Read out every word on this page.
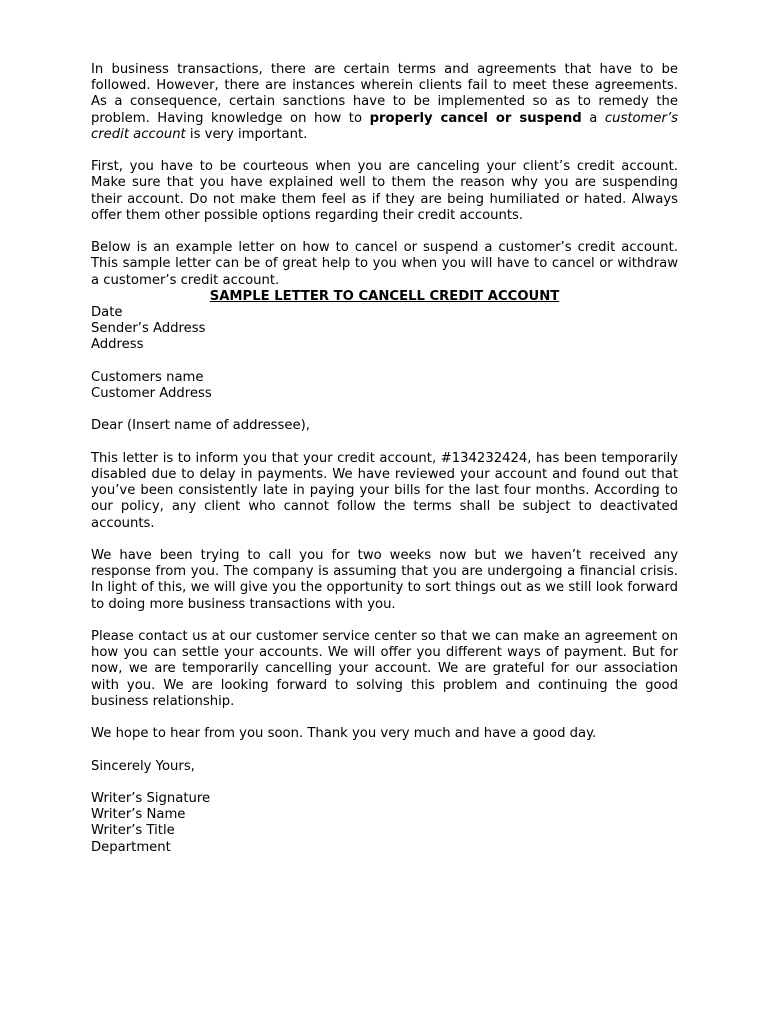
In business transactions, there are certain terms and agreements that have to be followed. However, there are instances wherein clients fail to meet these agreements. As a consequence, certain sanctions have to be implemented so as to remedy the problem. Having knowledge on how to properly cancel or suspend a customer’s credit account is very important.

First, you have to be courteous when you are canceling your client’s credit account. Make sure that you have explained well to them the reason why you are suspending their account. Do not make them feel as if they are being humiliated or hated. Always offer them other possible options regarding their credit accounts.

Below is an example letter on how to cancel or suspend a customer’s credit account. This sample letter can be of great help to you when you will have to cancel or withdraw a customer’s credit account.

SAMPLE LETTER TO CANCELL CREDIT ACCOUNT

Date

Sender’s Address

Address

Customers name

Customer Address

Dear (Insert name of addressee),

This letter is to inform you that your credit account, #134232424, has been temporarily disabled due to delay in payments. We have reviewed your account and found out that you’ve been consistently late in paying your bills for the last four months. According to our policy, any client who cannot follow the terms shall be subject to deactivated accounts.

We have been trying to call you for two weeks now but we haven’t received any response from you. The company is assuming that you are undergoing a financial crisis. In light of this, we will give you the opportunity to sort things out as we still look forward to doing more business transactions with you.

Please contact us at our customer service center so that we can make an agreement on how you can settle your accounts. We will offer you different ways of payment. But for now, we are temporarily cancelling your account. We are grateful for our association with you. We are looking forward to solving this problem and continuing the good business relationship.

We hope to hear from you soon. Thank you very much and have a good day.

Sincerely Yours,

Writer’s Signature

Writer’s Name

Writer’s Title

Department
